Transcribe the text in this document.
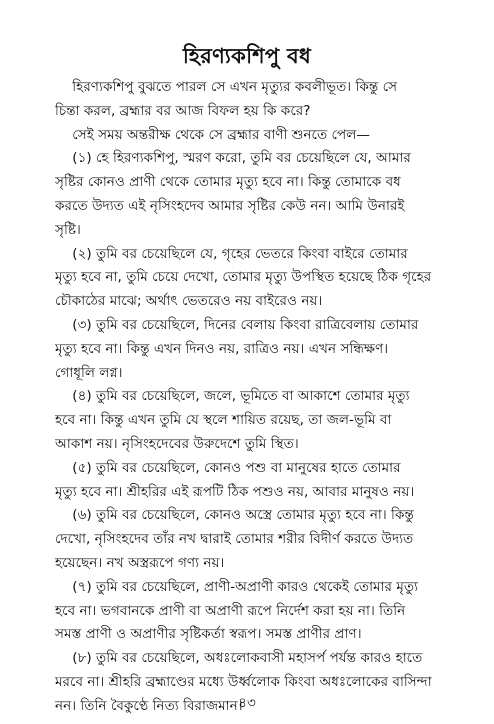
হিরণ্যকশিপু বধ
হিরণ্যকশিপু বুঝতে পারল সে এখন মৃত্যুর কবলীভূত। কিন্তু সে
চিন্তা করল, ব্রহ্মার বর আজ বিফল হয় কি করে?
সেই সময় অন্তরীক্ষ থেকে সে ব্রহ্মার বাণী শুনতে পেল—
(১) হে হিরণ্যকশিপু, স্মরণ করো, তুমি বর চেয়েছিলে যে, আমার
সৃষ্টির কোনও প্রাণী থেকে তোমার মৃত্যু হবে না। কিন্তু তোমাকে বধ
করতে উদ্যত এই নৃসিংহদেব আমার সৃষ্টির কেউ নন। আমি উনারই
সৃষ্টি।
(২) তুমি বর চেয়েছিলে যে, গৃহের ভেতরে কিংবা বাইরে তোমার
মৃত্যু হবে না, তুমি চেয়ে দেখো, তোমার মৃত্যু উপস্থিত হয়েছে ঠিক গৃহের
চৌকাঠের মাঝে; অর্থাৎ ভেতরেও নয় বাইরেও নয়।
(৩) তুমি বর চেয়েছিলে, দিনের বেলায় কিংবা রাত্রিবেলায় তোমার
মৃত্যু হবে না। কিন্তু এখন দিনও নয়, রাত্রিও নয়। এখন সন্ধিক্ষণ।
গোধূলি লগ্ন।
(৪) তুমি বর চেয়েছিলে, জলে, ভূমিতে বা আকাশে তোমার মৃত্যু
হবে না। কিন্তু এখন তুমি যে স্থলে শায়িত রয়েছ, তা জল-ভূমি বা
আকাশ নয়। নৃসিংহদেবের উরুদেশে তুমি স্থিত।
(৫) তুমি বর চেয়েছিলে, কোনও পশু বা মানুষের হাতে তোমার
মৃত্যু হবে না। শ্রীহরির এই রূপটি ঠিক পশুও নয়, আবার মানুষও নয়।
(৬) তুমি বর চেয়েছিলে, কোনও অস্ত্রে তোমার মৃত্যু হবে না। কিন্তু
দেখো, নৃসিংহদেব তাঁর নখ দ্বারাই তোমার শরীর বিদীর্ণ করতে উদ্যত
হয়েছেন। নখ অস্ত্ররূপে গণ্য নয়।
(৭) তুমি বর চেয়েছিলে, প্রাণী-অপ্রাণী কারও থেকেই তোমার মৃত্যু
হবে না। ভগবানকে প্রাণী বা অপ্রাণী রূপে নির্দেশ করা হয় না। তিনি
সমস্ত প্রাণী ও অপ্রাণীর সৃষ্টিকর্তা স্বরূপ। সমস্ত প্রাণীর প্রাণ।
(৮) তুমি বর চেয়েছিলে, অধঃলোকবাসী মহাসর্প পর্যন্ত কারও হাতে
মরবে না। শ্রীহরি ব্রহ্মাণ্ডের মধ্যে উর্ধ্বলোক কিংবা অধঃলোকের বাসিন্দা
নন। তিনি বৈকুণ্ঠে নিত্য বিরাজমান।
৪৩
